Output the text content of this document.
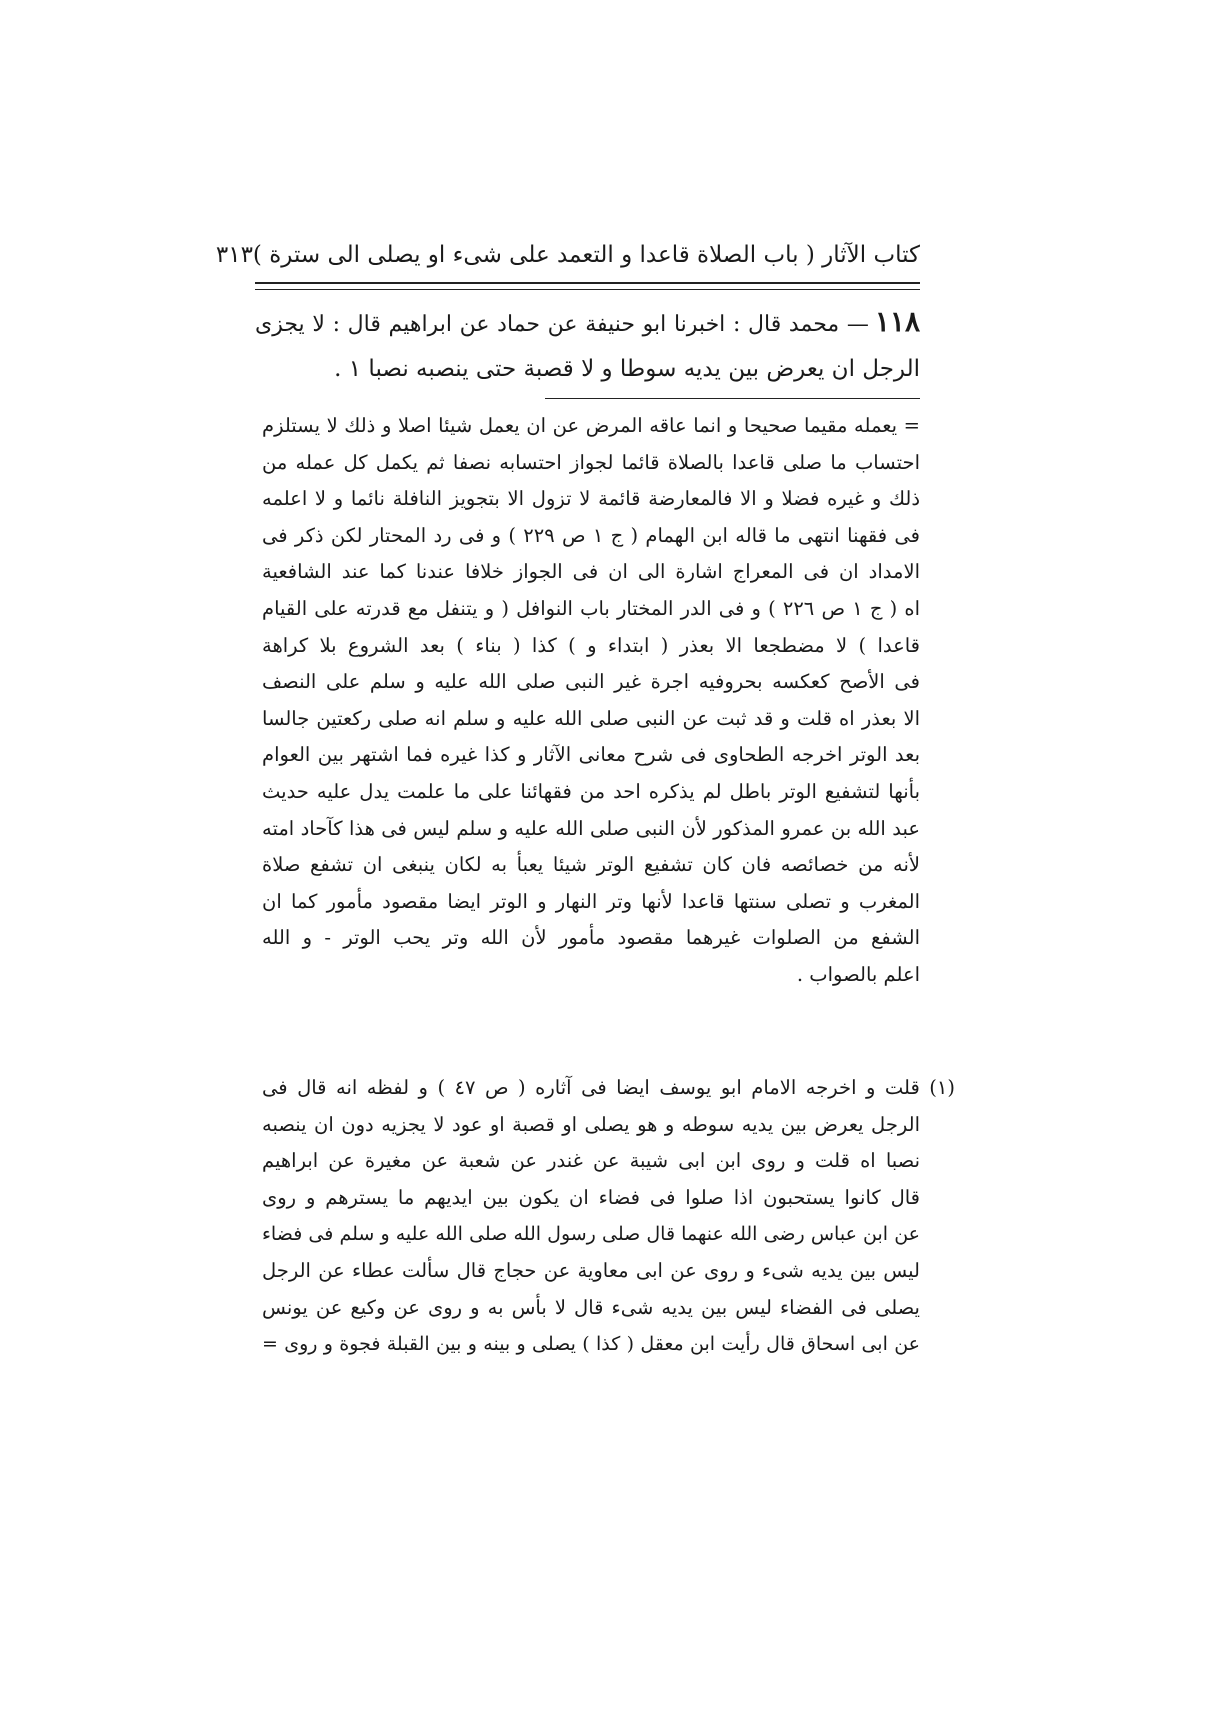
کتاب الآثار ( باب الصلاة قاعدا و التعمد علی شیء او یصلی الی سترة )
٣١٣
١١٨— محمد قال : اخبرنا ابو حنیفة عن حماد عن ابراهیم قال : لا یجزی
الرجل ان یعرض بین یدیه سوطا و لا قصبة حتی ینصبه نصبا ١ .
= یعمله مقیما صحیحا و انما عاقه المرض عن ان یعمل شیئا اصلا و ذلك لا یستلزم
احتساب ما صلی قاعدا بالصلاة قائما لجواز احتسابه نصفا ثم یکمل کل عمله من
ذلك و غیره فضلا و الا فالمعارضة قائمة لا تزول الا بتجویز النافلة نائما و لا اعلمه
فی فقهنا انتهی ما قاله ابن الهمام ( ج ١ ص ٢٢٩ ) و فی رد المحتار لکن ذکر فی
الامداد ان فی المعراج اشارة الی ان فی الجواز خلافا عندنا کما عند الشافعیة
اه ( ج ١ ص ٢٢٦ ) و فی الدر المختار باب النوافل ( و یتنفل مع قدرته علی القیام
قاعدا ) لا مضطجعا الا بعذر ( ابتداء و ) کذا ( بناء ) بعد الشروع بلا کراهة
فی الأصح کعکسه بحروفیه اجرة غیر النبی صلی الله علیه و سلم علی النصف
الا بعذر اه قلت و قد ثبت عن النبی صلی الله علیه و سلم انه صلی رکعتین جالسا
بعد الوتر اخرجه الطحاوی فی شرح معانی الآثار و کذا غیره فما اشتهر بین العوام
بأنها لتشفیع الوتر باطل لم یذکره احد من فقهائنا علی ما علمت یدل علیه حدیث
عبد الله بن عمرو المذکور لأن النبی صلی الله علیه و سلم لیس فی هذا کآحاد امته
لأنه من خصائصه فان کان تشفیع الوتر شیئا یعبأ به لکان ینبغی ان تشفع صلاة
المغرب و تصلی سنتها قاعدا لأنها وتر النهار و الوتر ایضا مقصود مأمور کما ان
الشفع من الصلوات غیرهما مقصود مأمور لأن الله وتر یحب الوتر - و الله
اعلم بالصواب .
(١) قلت و اخرجه الامام ابو یوسف ایضا فی آثاره ( ص ٤٧ ) و لفظه انه قال فی
الرجل یعرض بین یدیه سوطه و هو یصلی او قصبة او عود لا یجزیه دون ان ینصبه
نصبا اه قلت و روی ابن ابی شیبة عن غندر عن شعبة عن مغیرة عن ابراهیم
قال کانوا یستحبون اذا صلوا فی فضاء ان یکون بین ایدیهم ما یسترهم و روی
عن ابن عباس رضی الله عنهما قال صلی رسول الله صلی الله علیه و سلم فی فضاء
لیس بین یدیه شیء و روی عن ابی معاویة عن حجاج قال سألت عطاء عن الرجل
یصلی فی الفضاء لیس بین یدیه شیء قال لا بأس به و روی عن وکیع عن یونس
عن ابی اسحاق قال رأیت ابن معقل ( کذا ) یصلی و بینه و بین القبلة فجوة و روی =
